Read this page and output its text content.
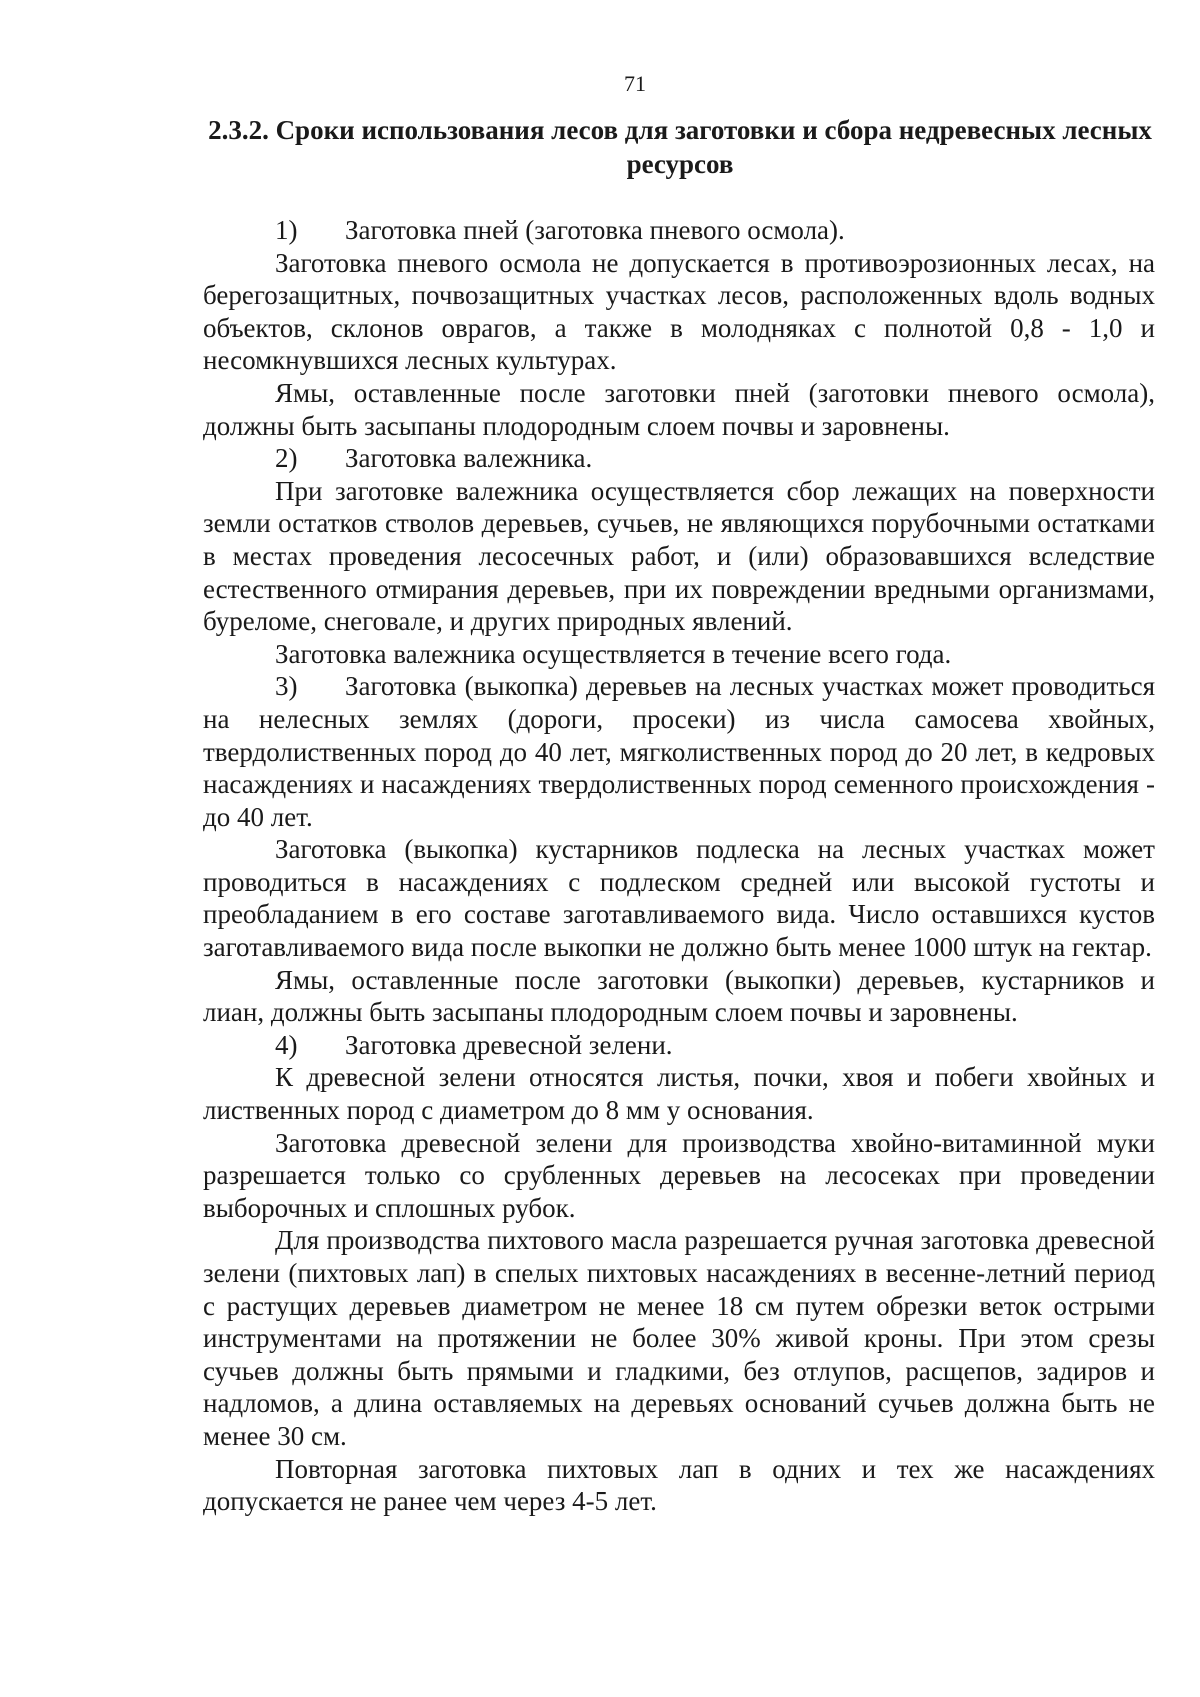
71
2.3.2. Сроки использования лесов для заготовки и сбора недревесных лесных ресурсов

1) Заготовка пней (заготовка пневого осмола).

Заготовка пневого осмола не допускается в противоэрозионных лесах, на берегозащитных, почвозащитных участках лесов, расположенных вдоль водных объектов, склонов оврагов, а также в молодняках с полнотой 0,8 - 1,0 и несомкнувшихся лесных культурах.

Ямы, оставленные после заготовки пней (заготовки пневого осмола), должны быть засыпаны плодородным слоем почвы и заровнены.

2) Заготовка валежника.

При заготовке валежника осуществляется сбор лежащих на поверхности земли остатков стволов деревьев, сучьев, не являющихся порубочными остатками в местах проведения лесосечных работ, и (или) образовавшихся вследствие естественного отмирания деревьев, при их повреждении вредными организмами, буреломе, снеговале, и других природных явлений.

Заготовка валежника осуществляется в течение всего года.

3) Заготовка (выкопка) деревьев на лесных участках может проводиться на нелесных землях (дороги, просеки) из числа самосева хвойных, твердолиственных пород до 40 лет, мягколиственных пород до 20 лет, в кедровых насаждениях и насаждениях твердолиственных пород семенного происхождения - до 40 лет.

Заготовка (выкопка) кустарников подлеска на лесных участках может проводиться в насаждениях с подлеском средней или высокой густоты и преобладанием в его составе заготавливаемого вида. Число оставшихся кустов заготавливаемого вида после выкопки не должно быть менее 1000 штук на гектар.

Ямы, оставленные после заготовки (выкопки) деревьев, кустарников и лиан, должны быть засыпаны плодородным слоем почвы и заровнены.

4) Заготовка древесной зелени.

К древесной зелени относятся листья, почки, хвоя и побеги хвойных и лиственных пород с диаметром до 8 мм у основания.

Заготовка древесной зелени для производства хвойно-витаминной муки разрешается только со срубленных деревьев на лесосеках при проведении выборочных и сплошных рубок.

Для производства пихтового масла разрешается ручная заготовка древесной зелени (пихтовых лап) в спелых пихтовых насаждениях в весенне-летний период с растущих деревьев диаметром не менее 18 см путем обрезки веток острыми инструментами на протяжении не более 30% живой кроны. При этом срезы сучьев должны быть прямыми и гладкими, без отлупов, расщепов, задиров и надломов, а длина оставляемых на деревьях оснований сучьев должна быть не менее 30 см.

Повторная заготовка пихтовых лап в одних и тех же насаждениях допускается не ранее чем через 4-5 лет.
